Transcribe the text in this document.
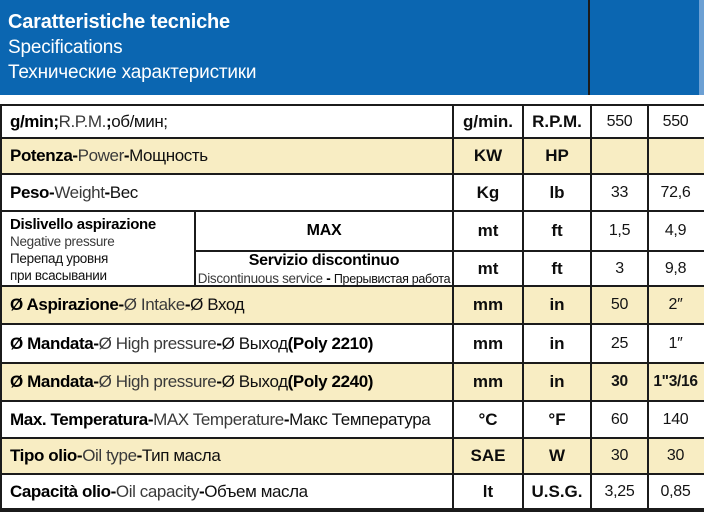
Caratteristiche tecniche
Specifications
Технические характеристики
g/min; R.P.M. ; об/мин;	g/min.	R.P.M.	550	550
Potenza - Power - Мощность	KW	HP
Peso - Weight - Вес	Kg	lb	33	72,6
Dislivello aspirazione
Negative pressure
Перепад уровня
при всасывании
MAX	mt	ft	1,5	4,9
Servizio discontinuo
Discontinuous service - Прерывистая работа
mt	ft	3	9,8
Ø Aspirazione - Ø Intake - Ø Вход	mm	in	50	2″
Ø Mandata - Ø High pressure - Ø Выход (Poly 2210)	mm	in	25	1″
Ø Mandata - Ø High pressure - Ø Выход (Poly 2240)	mm	in	30	1"3/16
Max. Temperatura - MAX Temperature - Макс Температура	°C	°F	60	140
Tipo olio - Oil type - Тип масла	SAE	W	30	30
Capacità olio - Oil capacity - Объем масла	lt	U.S.G.	3,25	0,85
